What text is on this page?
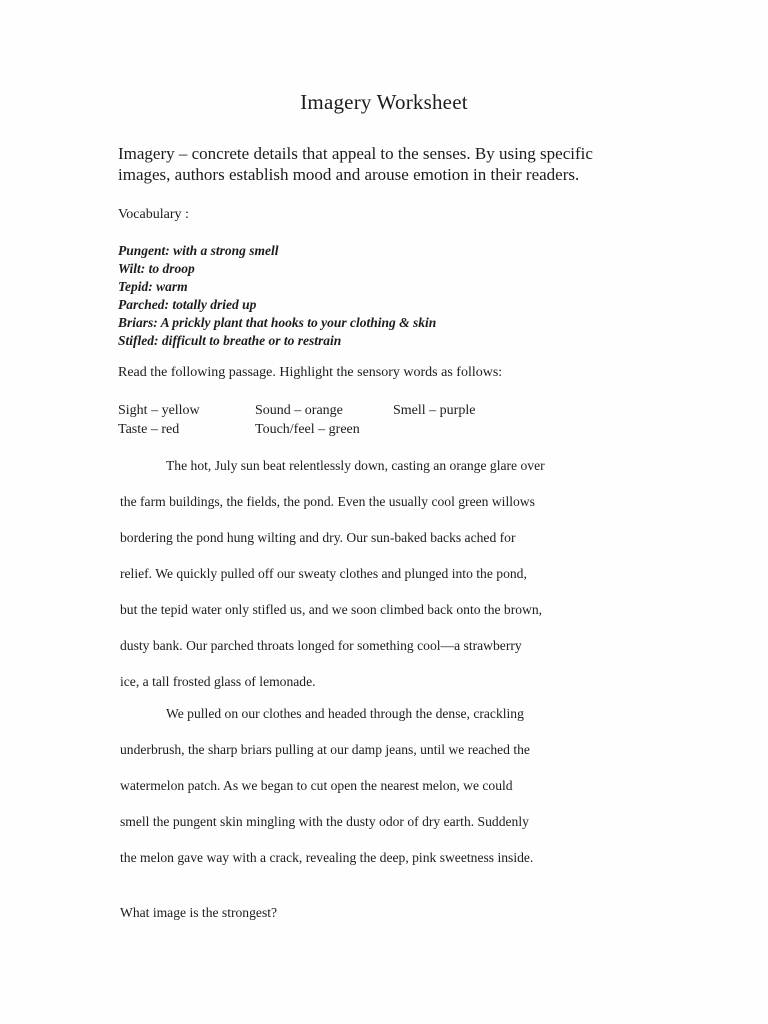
Imagery Worksheet
Imagery – concrete details that appeal to the senses. By using specific images, authors establish mood and arouse emotion in their readers.
Vocabulary :
Pungent: with a strong smell
Wilt: to droop
Tepid: warm
Parched: totally dried up
Briars: A prickly plant that hooks to your clothing & skin
Stifled: difficult to breathe or to restrain
Read the following passage. Highlight the sensory words as follows:
Sight – yellow	Sound – orange	Smell – purple
Taste – red	Touch/feel – green
The hot, July sun beat relentlessly down, casting an orange glare over
the farm buildings, the fields, the pond. Even the usually cool green willows
bordering the pond hung wilting and dry. Our sun-baked backs ached for
relief. We quickly pulled off our sweaty clothes and plunged into the pond,
but the tepid water only stifled us, and we soon climbed back onto the brown,
dusty bank. Our parched throats longed for something cool—a strawberry
ice, a tall frosted glass of lemonade.
We pulled on our clothes and headed through the dense, crackling
underbrush, the sharp briars pulling at our damp jeans, until we reached the
watermelon patch. As we began to cut open the nearest melon, we could
smell the pungent skin mingling with the dusty odor of dry earth. Suddenly
the melon gave way with a crack, revealing the deep, pink sweetness inside.
What image is the strongest?
